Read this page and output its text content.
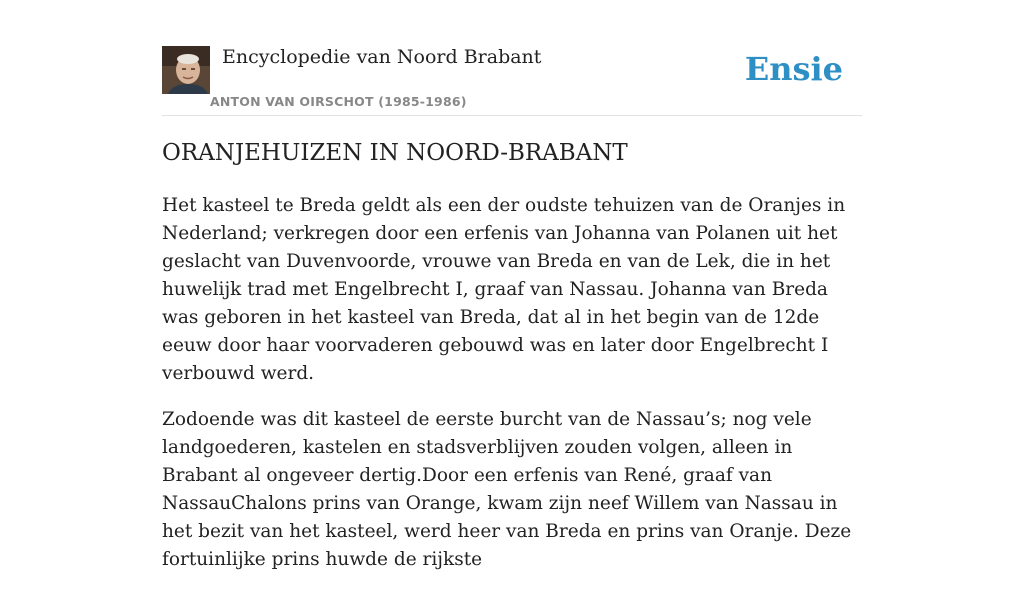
Encyclopedie van Noord Brabant
ANTON VAN OIRSCHOT (1985-1986)
Ensie
ORANJEHUIZEN IN NOORD-BRABANT

Het kasteel te Breda geldt als een der oudste tehuizen van de Oranjes in Nederland; verkregen door een erfenis van Johanna van Polanen uit het geslacht van Duvenvoorde, vrouwe van Breda en van de Lek, die in het huwelijk trad met Engelbrecht I, graaf van Nassau. Johanna van Breda was geboren in het kasteel van Breda, dat al in het begin van de 12de eeuw door haar voorvaderen gebouwd was en later door Engelbrecht I verbouwd werd.

Zodoende was dit kasteel de eerste burcht van de Nassau’s; nog vele landgoederen, kastelen en stadsverblijven zouden volgen, alleen in Brabant al ongeveer dertig.Door een erfenis van René, graaf van NassauChalons prins van Orange, kwam zijn neef Willem van Nassau in het bezit van het kasteel, werd heer van Breda en prins van Oranje. Deze fortuinlijke prins huwde de rijkste
